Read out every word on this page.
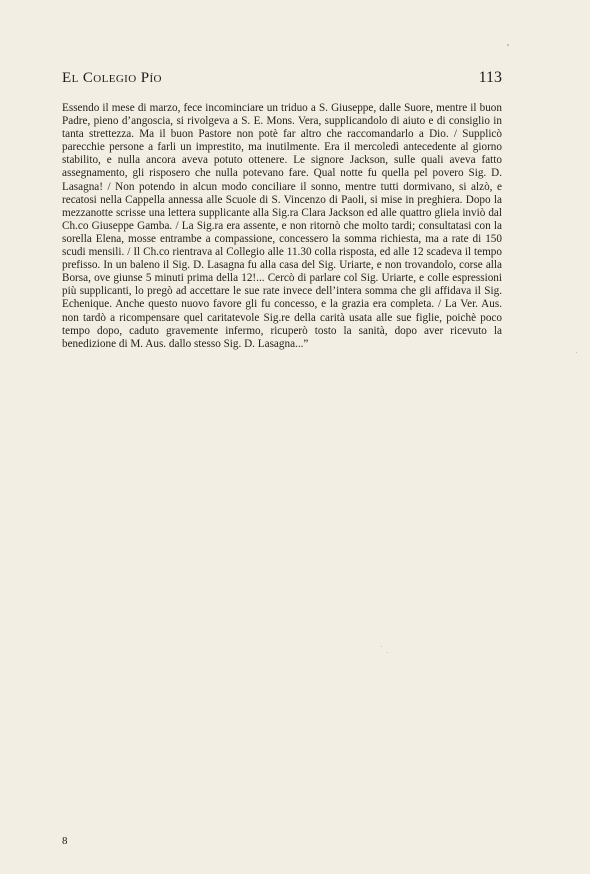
El Colegio Pío	113

Essendo il mese di marzo, fece incominciare un triduo a S. Giuseppe, dalle Suore, mentre il buon Padre, pieno d’angoscia, si rivolgeva a S. E. Mons. Vera, supplicandolo di aiuto e di consiglio in tanta strettezza. Ma il buon Pastore non potè far altro che raccomandarlo a Dio. / Supplicò parecchie persone a farli un imprestito, ma inutilmente. Era il mercoledì antecedente al giorno stabilito, e nulla ancora aveva potuto ottenere. Le signore Jackson, sulle quali aveva fatto assegnamento, gli risposero che nulla potevano fare. Qual notte fu quella pel povero Sig. D. Lasagna! / Non potendo in alcun modo conciliare il sonno, mentre tutti dormivano, si alzò, e recatosi nella Cappella annessa alle Scuole di S. Vincenzo di Paoli, si mise in preghiera. Dopo la mezzanotte scrisse una lettera supplicante alla Sig.ra Clara Jackson ed alle quattro gliela inviò dal Ch.co Giuseppe Gamba. / La Sig.ra era assente, e non ritornò che molto tardi; consultatasi con la sorella Elena, mosse entrambe a compassione, concessero la somma richiesta, ma a rate di 150 scudi mensili. / Il Ch.co rientrava al Collegio alle 11.30 colla risposta, ed alle 12 scadeva il tempo prefisso. In un baleno il Sig. D. Lasagna fu alla casa del Sig. Uriarte, e non trovandolo, corse alla Borsa, ove giunse 5 minuti prima della 12!... Cercò di parlare col Sig. Uriarte, e colle espressioni più supplicanti, lo pregò ad accettare le sue rate invece dell’intera somma che gli affidava il Sig. Echenique. Anche questo nuovo favore gli fu concesso, e la grazia era completa. / La Ver. Aus. non tardò a ricompensare quel caritatevole Sig.re della carità usata alle sue figlie, poichè poco tempo dopo, caduto gravemente infermo, ricuperò tosto la sanità, dopo aver ricevuto la benedizione di M. Aus. dallo stesso Sig. D. Lasagna...”

8
